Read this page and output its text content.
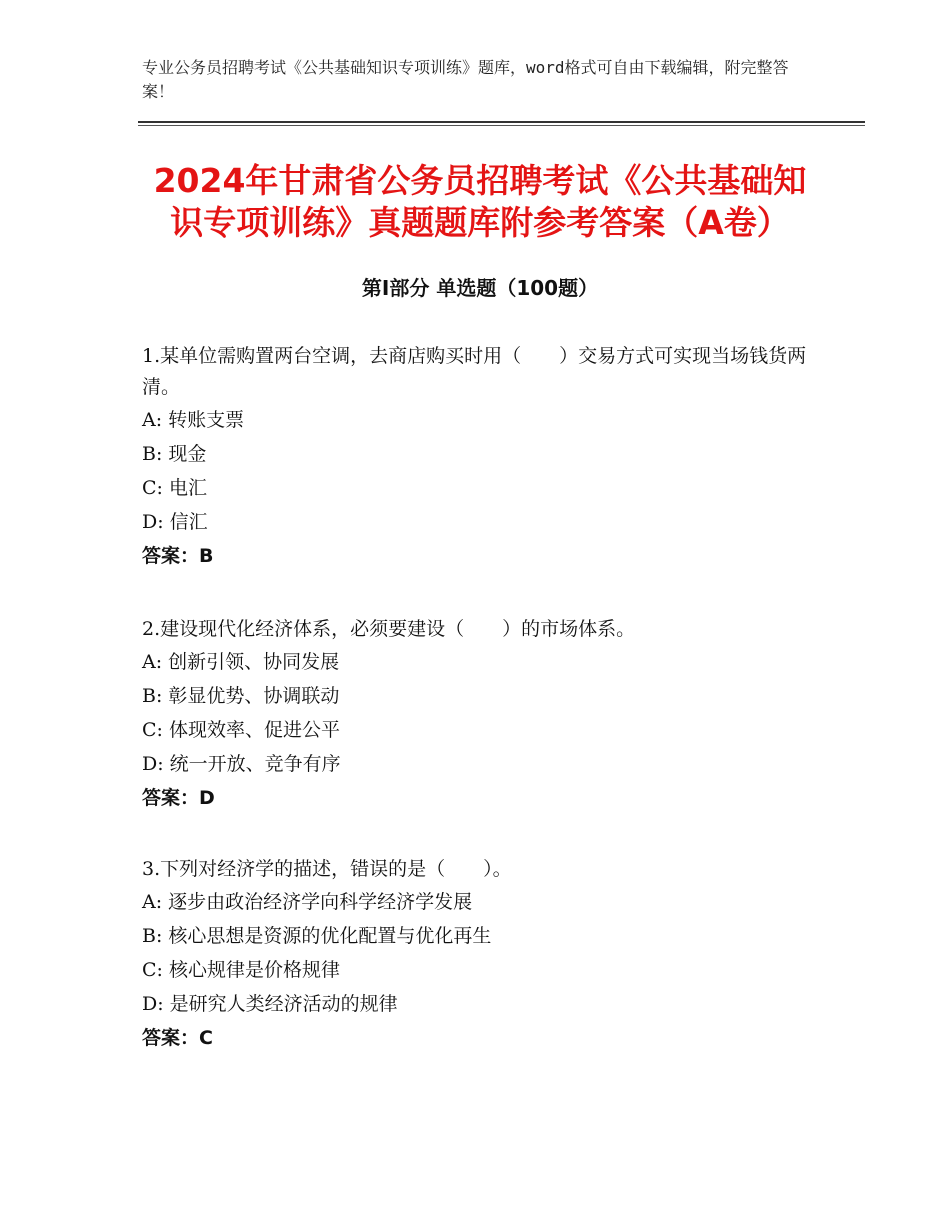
专业公务员招聘考试《公共基础知识专项训练》题库，word格式可自由下载编辑，附完整答案！
2024年甘肃省公务员招聘考试《公共基础知识专项训练》真题题库附参考答案（A卷）
第Ⅰ部分 单选题（100题）

1.某单位需购置两台空调，去商店购买时用（　　）交易方式可实现当场钱货两清。

A: 转账支票

B: 现金

C: 电汇

D: 信汇

答案：B

2.建设现代化经济体系，必须要建设（　　）的市场体系。

A: 创新引领、协同发展

B: 彰显优势、协调联动

C: 体现效率、促进公平

D: 统一开放、竞争有序

答案：D

3.下列对经济学的描述，错误的是（　　）。

A: 逐步由政治经济学向科学经济学发展

B: 核心思想是资源的优化配置与优化再生

C: 核心规律是价格规律

D: 是研究人类经济活动的规律

答案：C
